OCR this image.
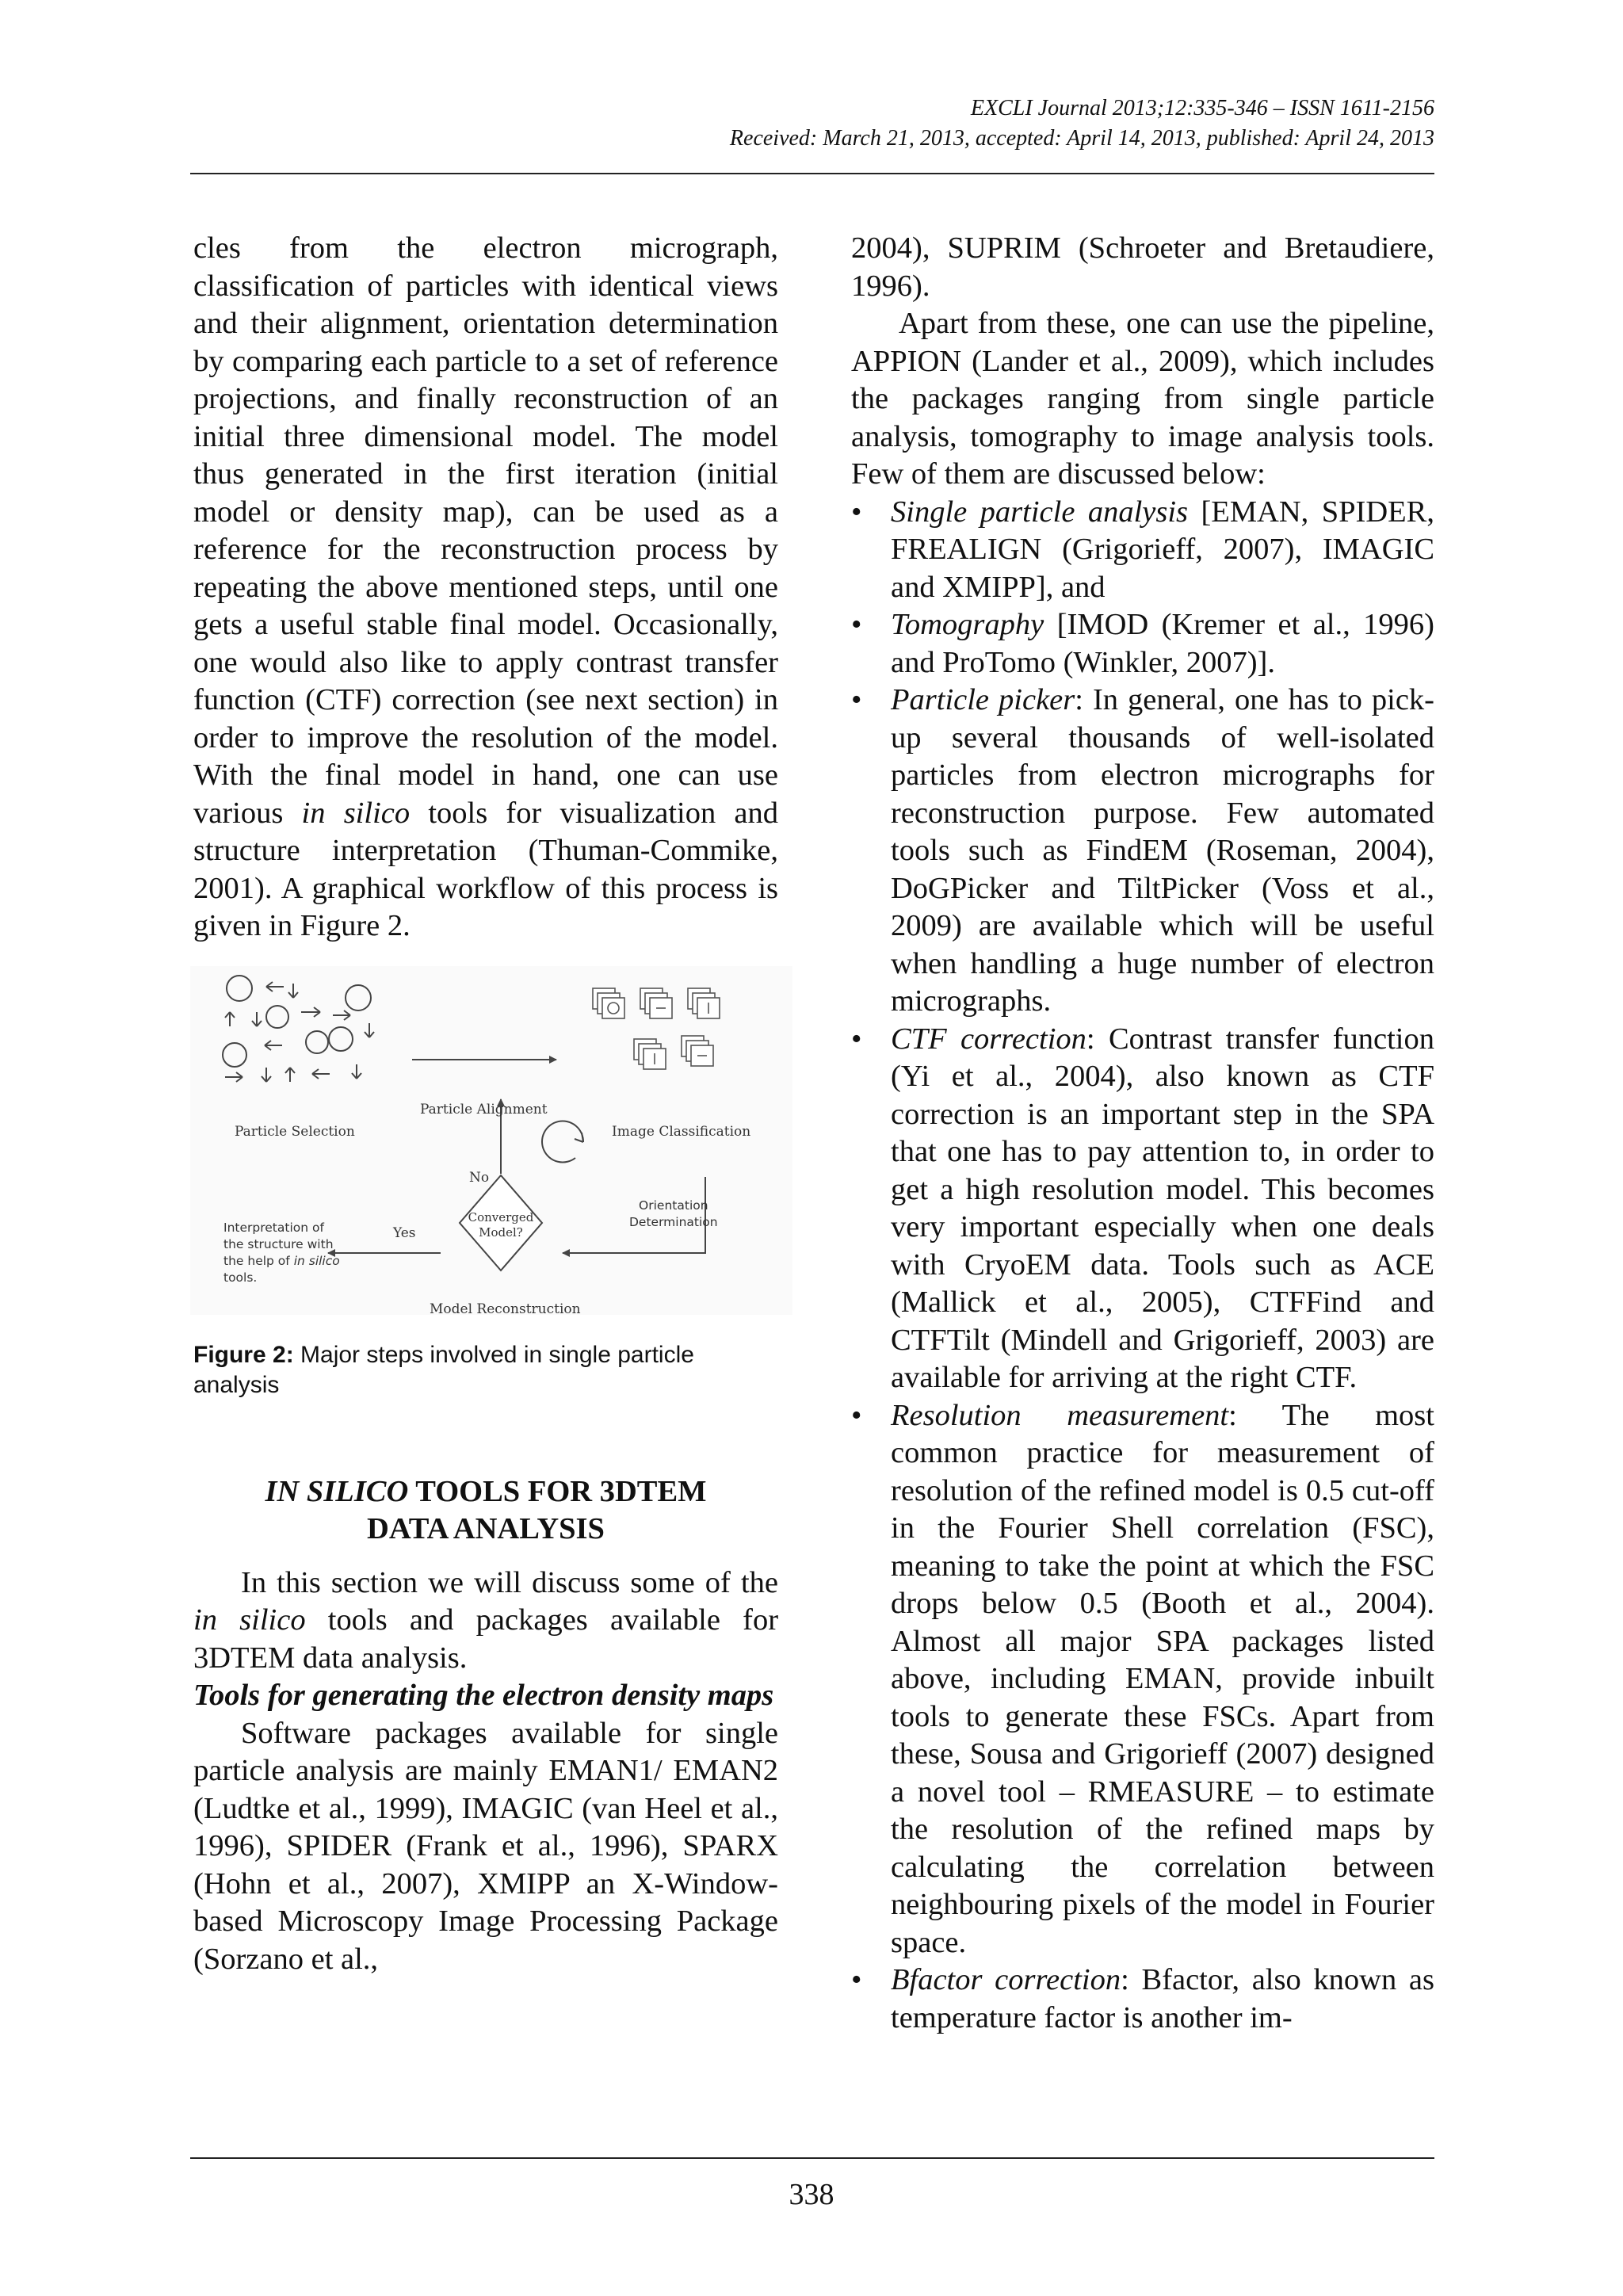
EXCLI Journal 2013;12:335-346 – ISSN 1611-2156
Received: March 21, 2013, accepted: April 14, 2013, published: April 24, 2013

cles from the electron micrograph, classification of particles with identical views and their alignment, orientation determination by comparing each particle to a set of reference projections, and finally reconstruction of an initial three dimensional model. The model thus generated in the first iteration (initial model or density map), can be used as a reference for the reconstruction process by repeating the above mentioned steps, until one gets a useful stable final model. Occasionally, one would also like to apply contrast transfer function (CTF) correction (see next section) in order to improve the resolution of the model. With the final model in hand, one can use various in silico tools for visualization and structure interpretation (Thuman-Commike, 2001). A graphical workflow of this process is given in Figure 2.

Particle Selection
Particle Alignment
Image Classification
No
Yes
Orientation
Determination
Converged
Model?
Interpretation of
the structure with
the help of in silico
tools.
Model Reconstruction
Figure 2: Major steps involved in single particle analysis
IN SILICO TOOLS FOR 3DTEM
DATA ANALYSIS

In this section we will discuss some of the in silico tools and packages available for 3DTEM data analysis.

Tools for generating the electron density maps

Software packages available for single particle analysis are mainly EMAN1/ EMAN2 (Ludtke et al., 1999), IMAGIC (van Heel et al., 1996), SPIDER (Frank et al., 1996), SPARX (Hohn et al., 2007), XMIPP an X-Window-based Microscopy Image Processing Package (Sorzano et al.,

2004), SUPRIM (Schroeter and Bretaudiere, 1996).

Apart from these, one can use the pipeline, APPION (Lander et al., 2009), which includes the packages ranging from single particle analysis, tomography to image analysis tools. Few of them are discussed below:

• Single particle analysis [EMAN, SPIDER, FREALIGN (Grigorieff, 2007), IMAGIC and XMIPP], and
• Tomography [IMOD (Kremer et al., 1996) and ProTomo (Winkler, 2007)].
• Particle picker: In general, one has to pick-up several thousands of well-isolated particles from electron micrographs for reconstruction purpose. Few automated tools such as FindEM (Roseman, 2004), DoGPicker and TiltPicker (Voss et al., 2009) are available which will be useful when handling a huge number of electron micrographs.
• CTF correction: Contrast transfer function (Yi et al., 2004), also known as CTF correction is an important step in the SPA that one has to pay attention to, in order to get a high resolution model. This becomes very important especially when one deals with CryoEM data. Tools such as ACE (Mallick et al., 2005), CTFFind and CTFTilt (Mindell and Grigorieff, 2003) are available for arriving at the right CTF.
• Resolution measurement: The most common practice for measurement of resolution of the refined model is 0.5 cut-off in the Fourier Shell correlation (FSC), meaning to take the point at which the FSC drops below 0.5 (Booth et al., 2004). Almost all major SPA packages listed above, including EMAN, provide inbuilt tools to generate these FSCs. Apart from these, Sousa and Grigorieff (2007) designed a novel tool – RMEASURE – to estimate the resolution of the refined maps by calculating the correlation between neighbouring pixels of the model in Fourier space.
• Bfactor correction: Bfactor, also known as temperature factor is another im-
338
